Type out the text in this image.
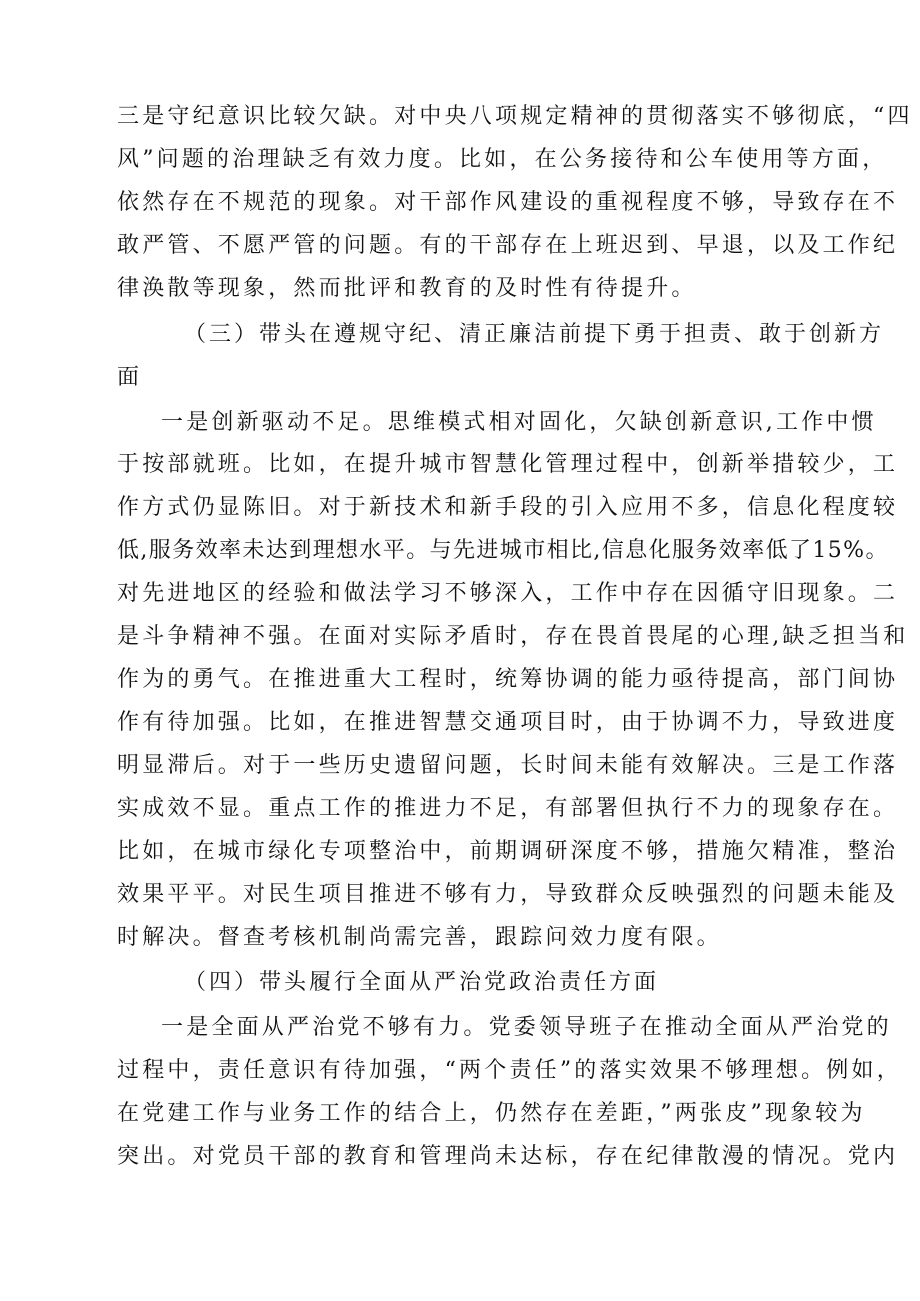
三是守纪意识比较欠缺。对中央八项规定精神的贯彻落实不够彻底，“四
风”问题的治理缺乏有效力度。比如，在公务接待和公车使用等方面，
依然存在不规范的现象。对干部作风建设的重视程度不够，导致存在不
敢严管、不愿严管的问题。有的干部存在上班迟到、早退，以及工作纪
律涣散等现象，然而批评和教育的及时性有待提升。
（三）带头在遵规守纪、清正廉洁前提下勇于担责、敢于创新方
面
一是创新驱动不足。思维模式相对固化，欠缺创新意识,工作中惯
于按部就班。比如，在提升城市智慧化管理过程中，创新举措较少，工
作方式仍显陈旧。对于新技术和新手段的引入应用不多，信息化程度较
低,服务效率未达到理想水平。与先进城市相比,信息化服务效率低了15%。
对先进地区的经验和做法学习不够深入，工作中存在因循守旧现象。二
是斗争精神不强。在面对实际矛盾时，存在畏首畏尾的心理,缺乏担当和
作为的勇气。在推进重大工程时，统筹协调的能力亟待提高，部门间协
作有待加强。比如，在推进智慧交通项目时，由于协调不力，导致进度
明显滞后。对于一些历史遗留问题，长时间未能有效解决。三是工作落
实成效不显。重点工作的推进力不足，有部署但执行不力的现象存在。
比如，在城市绿化专项整治中，前期调研深度不够，措施欠精准，整治
效果平平。对民生项目推进不够有力，导致群众反映强烈的问题未能及
时解决。督查考核机制尚需完善，跟踪问效力度有限。
（四）带头履行全面从严治党政治责任方面
一是全面从严治党不够有力。党委领导班子在推动全面从严治党的
过程中，责任意识有待加强，“两个责任”的落实效果不够理想。例如，
在党建工作与业务工作的结合上，仍然存在差距，”两张皮”现象较为
突出。对党员干部的教育和管理尚未达标，存在纪律散漫的情况。党内
